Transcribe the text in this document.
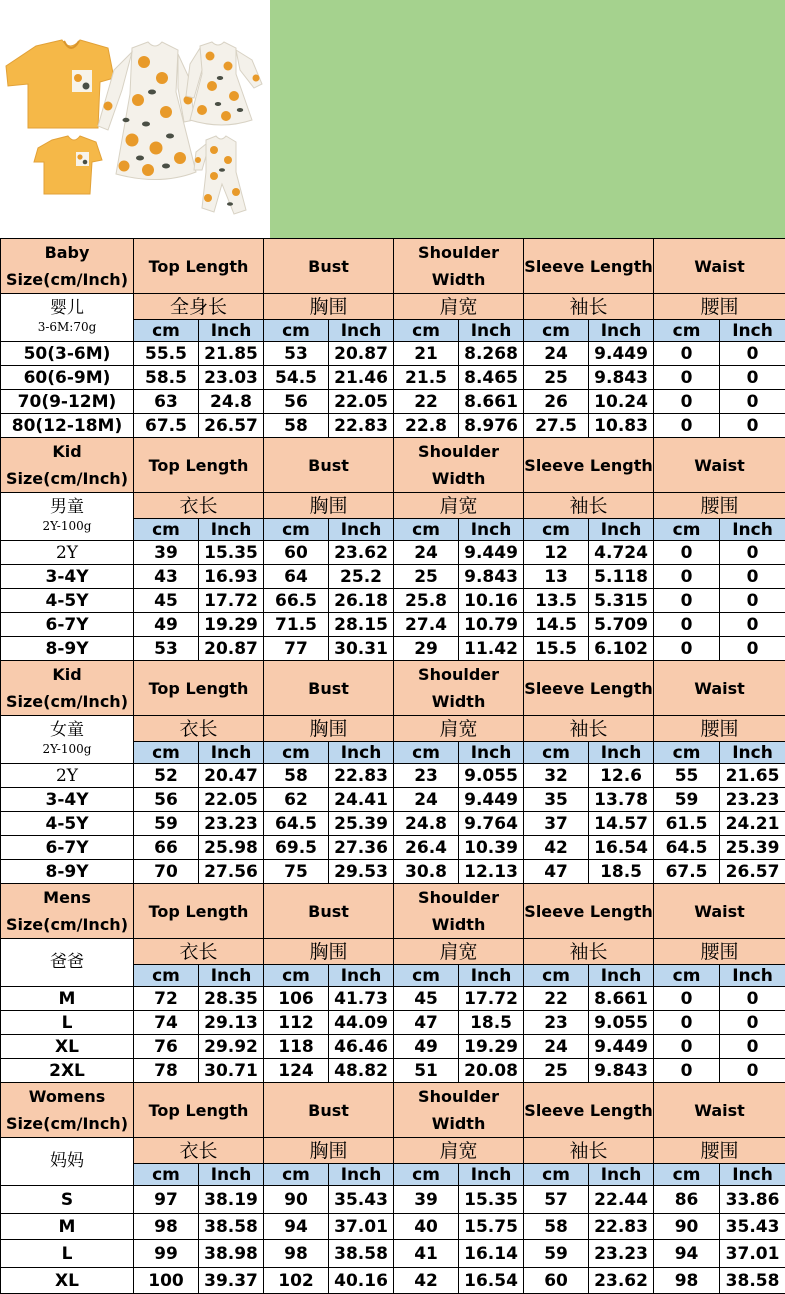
Baby
Size(cm/Inch)	Top Length		Bust		Shoulder Width		Sleeve Length		Waist	

婴儿
3-6M:70g	全身长		胸围		肩宽		袖长		腰围	
	cm	Inch	cm	Inch	cm	Inch	cm	Inch	cm	Inch
50(3-6M)	55.5	21.85	53	20.87	21	8.268	24	9.449	0	0
60(6-9M)	58.5	23.03	54.5	21.46	21.5	8.465	25	9.843	0	0
70(9-12M)	63	24.8	56	22.05	22	8.661	26	10.24	0	0
80(12-18M)	67.5	26.57	58	22.83	22.8	8.976	27.5	10.83	0	0

Kid
Size(cm/Inch)	Top Length		Bust		Shoulder Width		Sleeve Length		Waist	

男童
2Y-100g	衣长		胸围		肩宽		袖长		腰围	
	cm	Inch	cm	Inch	cm	Inch	cm	Inch	cm	Inch
2Y	39	15.35	60	23.62	24	9.449	12	4.724	0	0
3-4Y	43	16.93	64	25.2	25	9.843	13	5.118	0	0
4-5Y	45	17.72	66.5	26.18	25.8	10.16	13.5	5.315	0	0
6-7Y	49	19.29	71.5	28.15	27.4	10.79	14.5	5.709	0	0
8-9Y	53	20.87	77	30.31	29	11.42	15.5	6.102	0	0

Kid
Size(cm/Inch)	Top Length		Bust		Shoulder Width		Sleeve Length		Waist	

女童
2Y-100g	衣长		胸围		肩宽		袖长		腰围	
	cm	Inch	cm	Inch	cm	Inch	cm	Inch	cm	Inch
2Y	52	20.47	58	22.83	23	9.055	32	12.6	55	21.65
3-4Y	56	22.05	62	24.41	24	9.449	35	13.78	59	23.23
4-5Y	59	23.23	64.5	25.39	24.8	9.764	37	14.57	61.5	24.21
6-7Y	66	25.98	69.5	27.36	26.4	10.39	42	16.54	64.5	25.39
8-9Y	70	27.56	75	29.53	30.8	12.13	47	18.5	67.5	26.57

Mens
Size(cm/Inch)	Top Length		Bust		Shoulder Width		Sleeve Length		Waist	

爸爸	衣长		胸围		肩宽		袖长		腰围	
	cm	Inch	cm	Inch	cm	Inch	cm	Inch	cm	Inch
M	72	28.35	106	41.73	45	17.72	22	8.661	0	0
L	74	29.13	112	44.09	47	18.5	23	9.055	0	0
XL	76	29.92	118	46.46	49	19.29	24	9.449	0	0
2XL	78	30.71	124	48.82	51	20.08	25	9.843	0	0

Womens
Size(cm/Inch)	Top Length		Bust		Shoulder Width		Sleeve Length		Waist	

妈妈	衣长		胸围		肩宽		袖长		腰围	
	cm	Inch	cm	Inch	cm	Inch	cm	Inch	cm	Inch
S	97	38.19	90	35.43	39	15.35	57	22.44	86	33.86
M	98	38.58	94	37.01	40	15.75	58	22.83	90	35.43
L	99	38.98	98	38.58	41	16.14	59	23.23	94	37.01
XL	100	39.37	102	40.16	42	16.54	60	23.62	98	38.58
